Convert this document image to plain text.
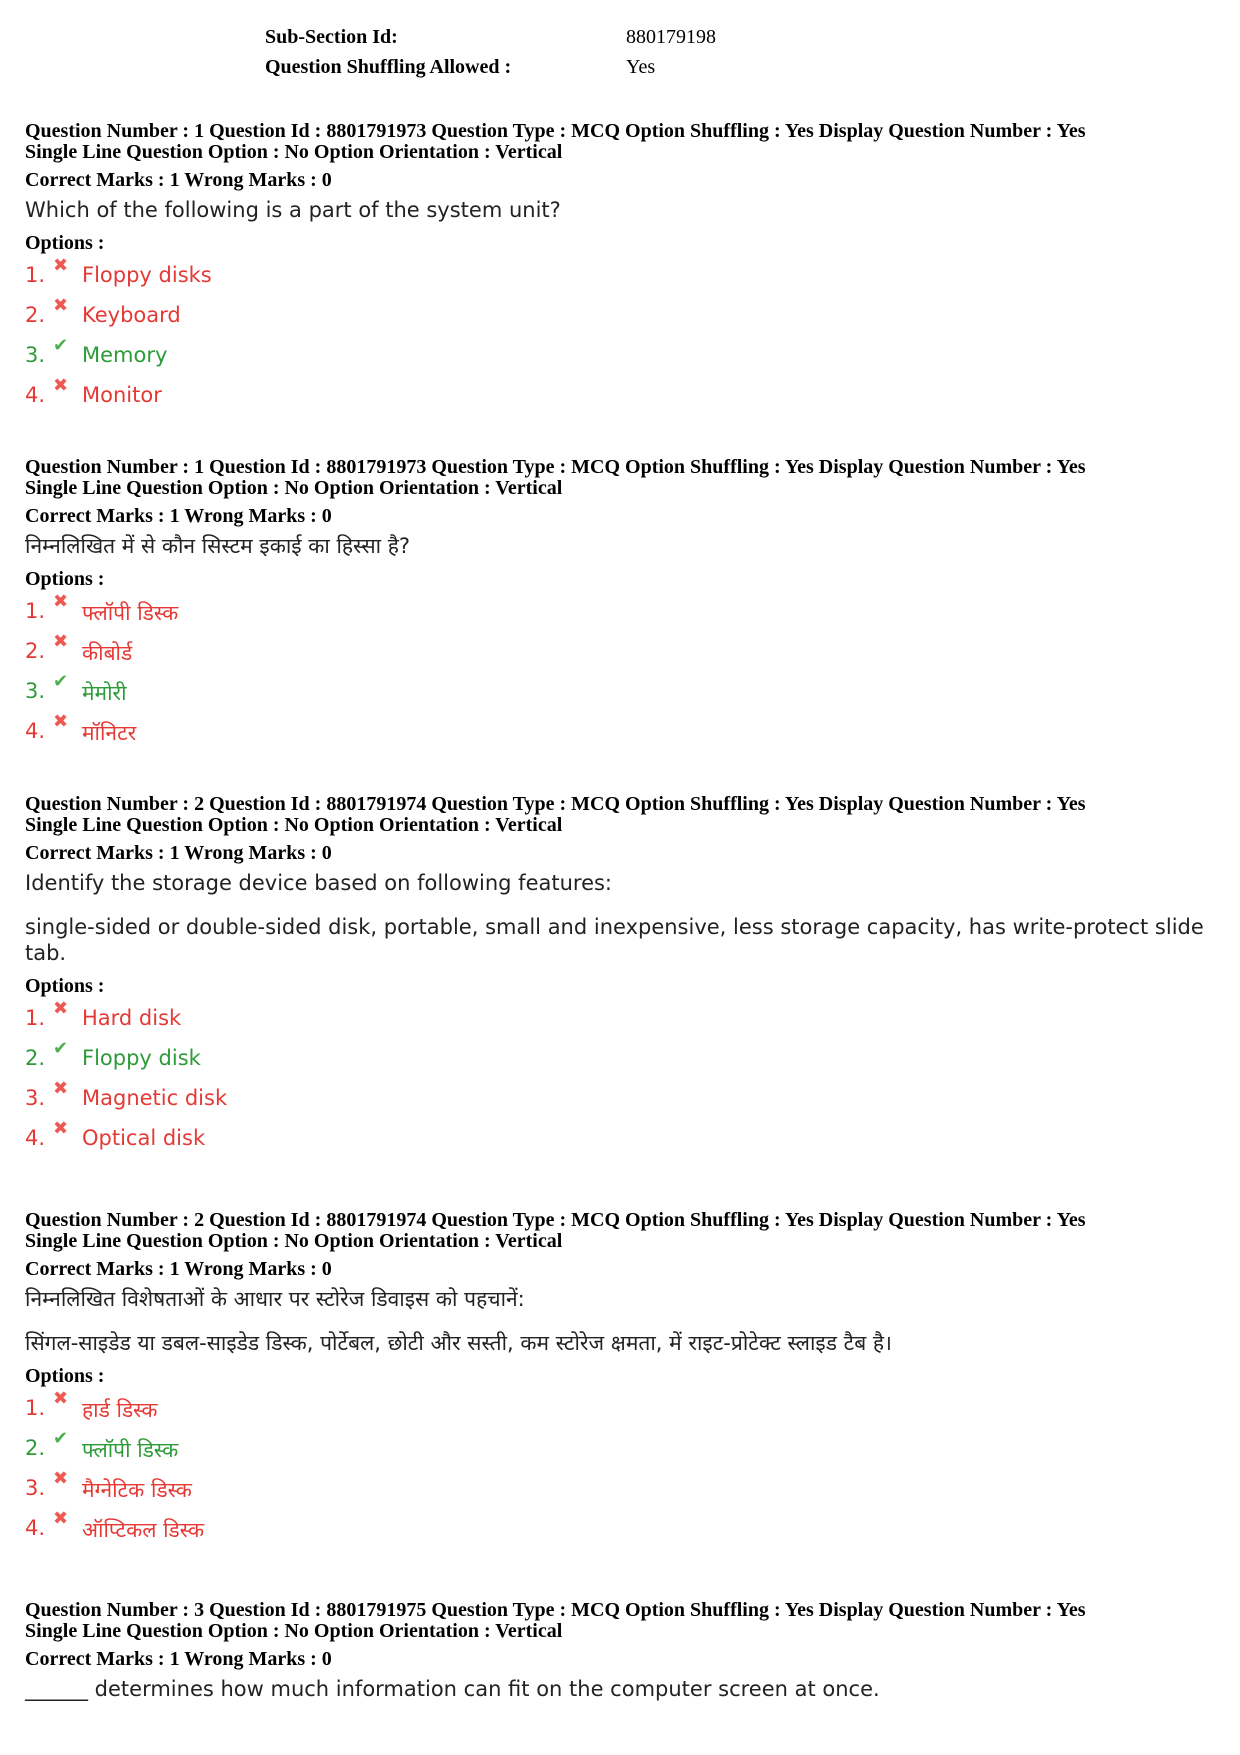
Sub-Section Id:	880179198
Question Shuffling Allowed :	Yes
Question Number : 1 Question Id : 8801791973 Question Type : MCQ Option Shuffling : Yes Display Question Number : Yes
Single Line Question Option : No Option Orientation : Vertical
Correct Marks : 1 Wrong Marks : 0
Which of the following is a part of the system unit?
Options :
1. ✖ Floppy disks
2. ✖ Keyboard
3. ✔ Memory
4. ✖ Monitor
Question Number : 1 Question Id : 8801791973 Question Type : MCQ Option Shuffling : Yes Display Question Number : Yes
Single Line Question Option : No Option Orientation : Vertical
Correct Marks : 1 Wrong Marks : 0
निम्नलिखित में से कौन सिस्टम इकाई का हिस्सा है?
Options :
1. ✖ फ्लॉपी डिस्क
2. ✖ कीबोर्ड
3. ✔ मेमोरी
4. ✖ मॉनिटर
Question Number : 2 Question Id : 8801791974 Question Type : MCQ Option Shuffling : Yes Display Question Number : Yes
Single Line Question Option : No Option Orientation : Vertical
Correct Marks : 1 Wrong Marks : 0
Identify the storage device based on following features:
single-sided or double-sided disk, portable, small and inexpensive, less storage capacity, has write-protect slide tab.
Options :
1. ✖ Hard disk
2. ✔ Floppy disk
3. ✖ Magnetic disk
4. ✖ Optical disk
Question Number : 2 Question Id : 8801791974 Question Type : MCQ Option Shuffling : Yes Display Question Number : Yes
Single Line Question Option : No Option Orientation : Vertical
Correct Marks : 1 Wrong Marks : 0
निम्नलिखित विशेषताओं के आधार पर स्टोरेज डिवाइस को पहचानें:
सिंगल-साइडेड या डबल-साइडेड डिस्क, पोर्टेबल, छोटी और सस्ती, कम स्टोरेज क्षमता, में राइट-प्रोटेक्ट स्लाइड टैब है।
Options :
1. ✖ हार्ड डिस्क
2. ✔ फ्लॉपी डिस्क
3. ✖ मैग्नेटिक डिस्क
4. ✖ ऑप्टिकल डिस्क
Question Number : 3 Question Id : 8801791975 Question Type : MCQ Option Shuffling : Yes Display Question Number : Yes
Single Line Question Option : No Option Orientation : Vertical
Correct Marks : 1 Wrong Marks : 0
______ determines how much information can fit on the computer screen at once.
